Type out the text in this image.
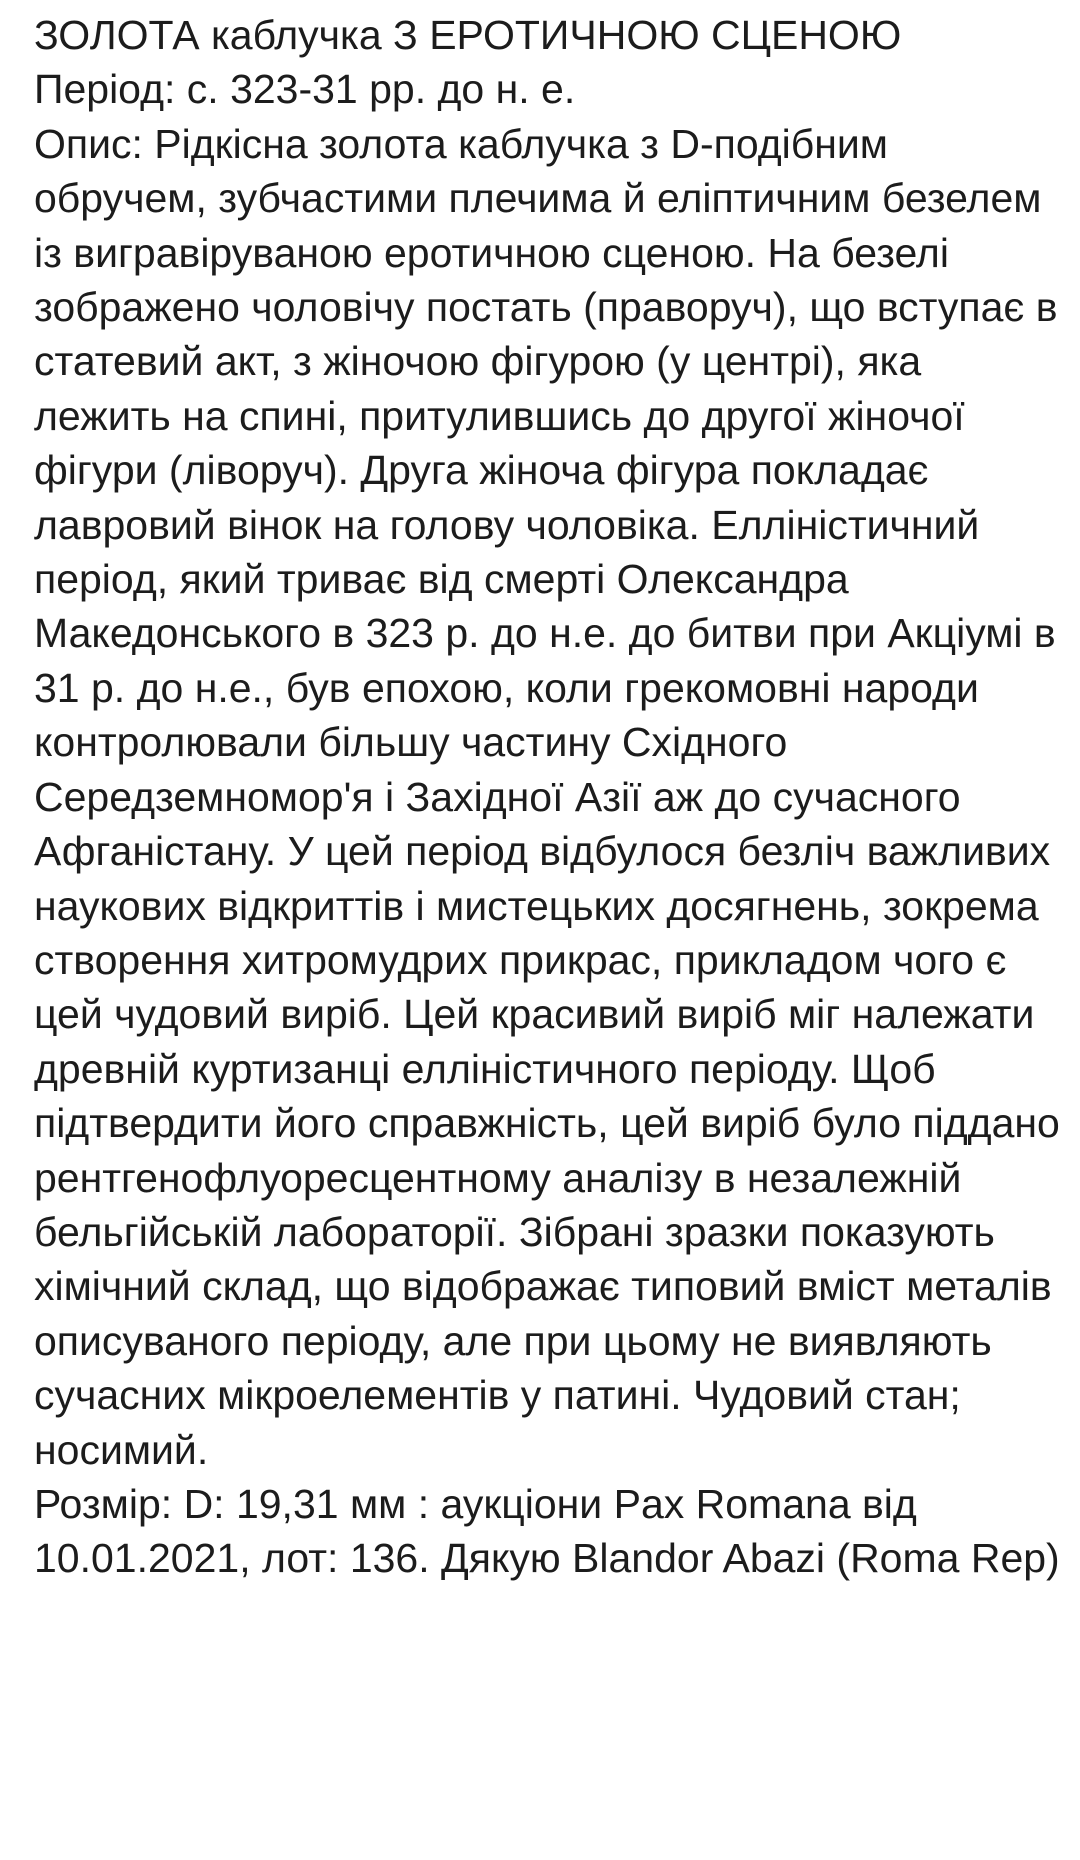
ЗОЛОТА каблучка З ЕРОТИЧНОЮ СЦЕНОЮ

Період: c. 323-31 рр. до н. е.

Опис: Рідкісна золота каблучка з D-подібним обручем, зубчастими плечима й еліптичним безелем із вигравіруваною еротичною сценою. На безелі зображено чоловічу постать (праворуч), що вступає в статевий акт, з жіночою фігурою (у центрі), яка лежить на спині, притулившись до другої жіночої фігури (ліворуч). Друга жіноча фігура покладає лавровий вінок на голову чоловіка. Елліністичний період, який триває від смерті Олександра Македонського в 323 р. до н.е. до битви при Акціумі в 31 р. до н.е., був епохою, коли грекомовні народи контролювали більшу частину Східного Середземномор'я і Західної Азії аж до сучасного Афганістану. У цей період відбулося безліч важливих наукових відкриттів і мистецьких досягнень, зокрема створення хитромудрих прикрас, прикладом чого є цей чудовий виріб. Цей красивий виріб міг належати древній куртизанці елліністичного періоду. Щоб підтвердити його справжність, цей виріб було піддано рентгенофлуоресцентному аналізу в незалежній бельгійській лабораторії. Зібрані зразки показують хімічний склад, що відображає типовий вміст металів описуваного періоду, але при цьому не виявляють сучасних мікроелементів у патині. Чудовий стан; носимий.

Розмір: D: 19,31 мм : аукціони Pax Romana від 10.01.2021, лот: 136. Дякую Blandor Abazi (Roma Rep)
